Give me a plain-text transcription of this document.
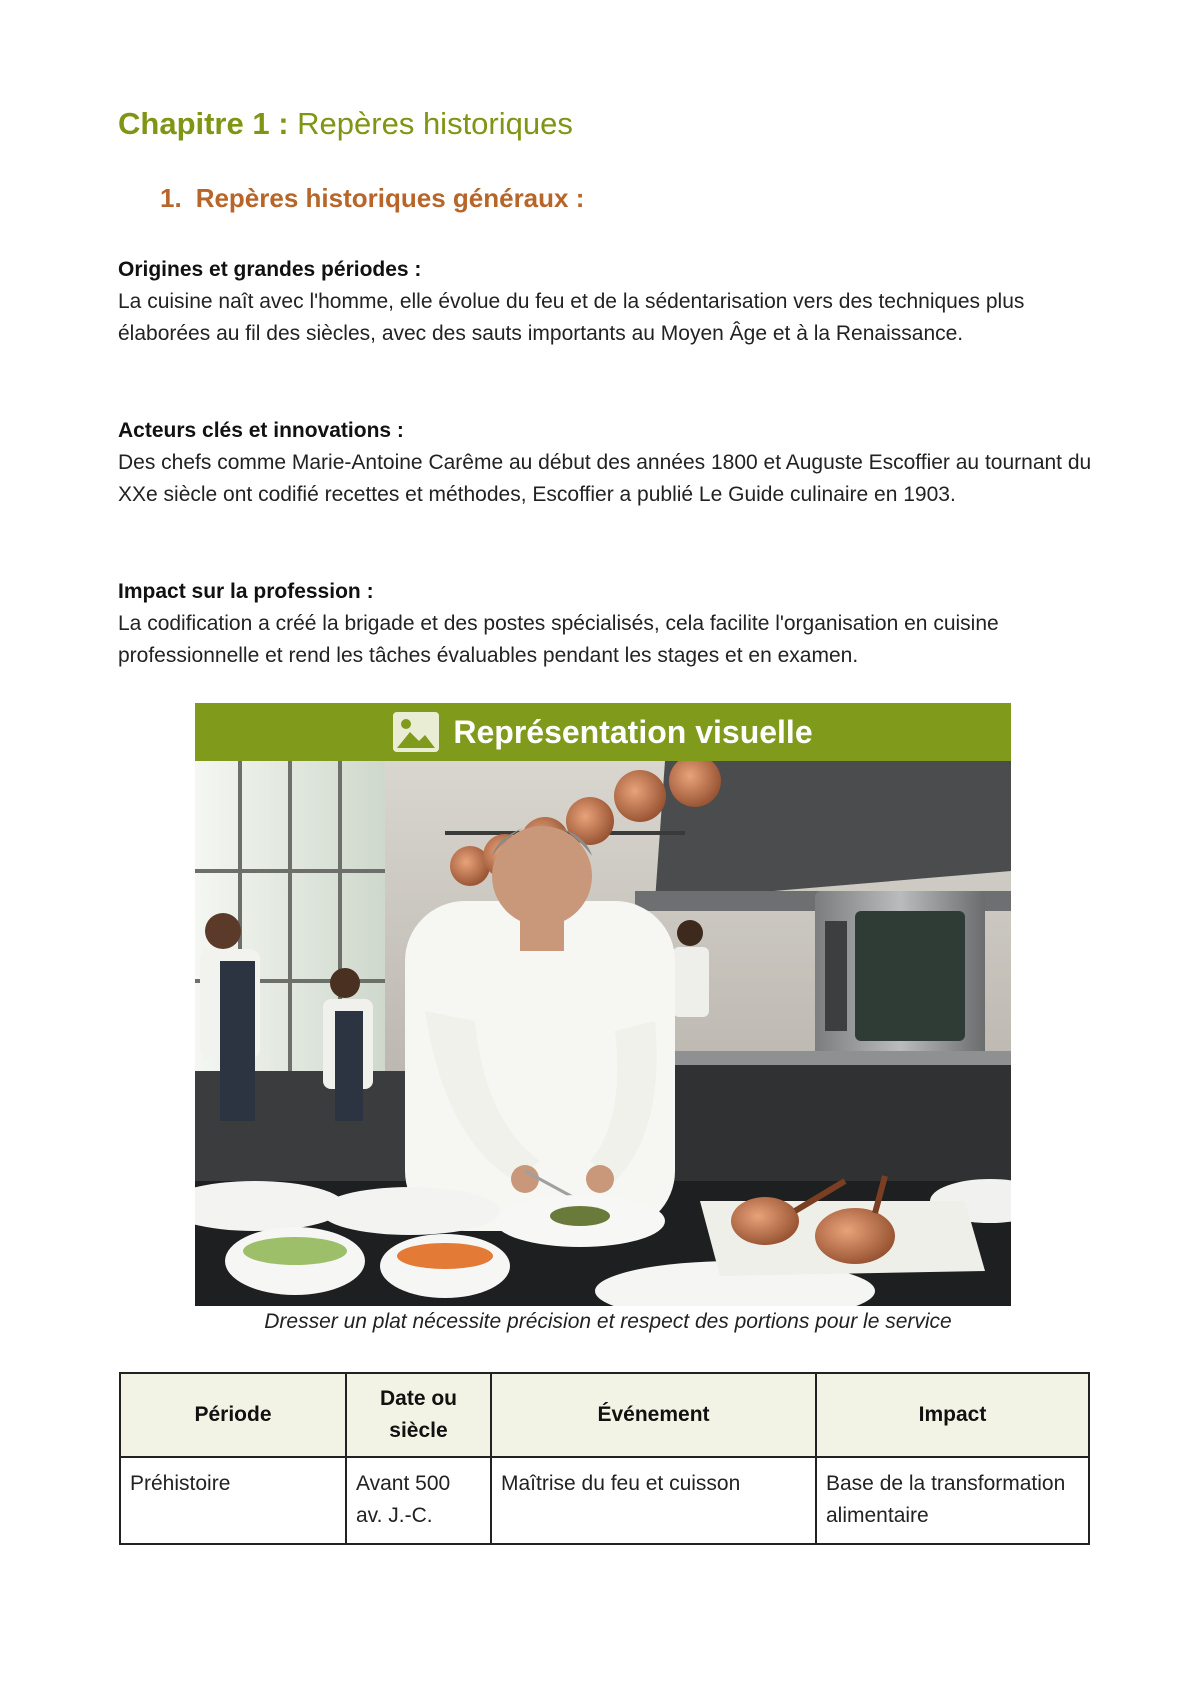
Chapitre 1 : Repères historiques
1. Repères historiques généraux :
Origines et grandes périodes :
La cuisine naît avec l'homme, elle évolue du feu et de la sédentarisation vers des techniques plus élaborées au fil des siècles, avec des sauts importants au Moyen Âge et à la Renaissance.
Acteurs clés et innovations :
Des chefs comme Marie-Antoine Carême au début des années 1800 et Auguste Escoffier au tournant du XXe siècle ont codifié recettes et méthodes, Escoffier a publié Le Guide culinaire en 1903.
Impact sur la profession :
La codification a créé la brigade et des postes spécialisés, cela facilite l'organisation en cuisine professionnelle et rend les tâches évaluables pendant les stages et en examen.
Représentation visuelle
Dresser un plat nécessite précision et respect des portions pour le service
Période	Date ou siècle	Événement	Impact
Préhistoire	Avant 500 av. J.-C.	Maîtrise du feu et cuisson	Base de la transformation alimentaire
